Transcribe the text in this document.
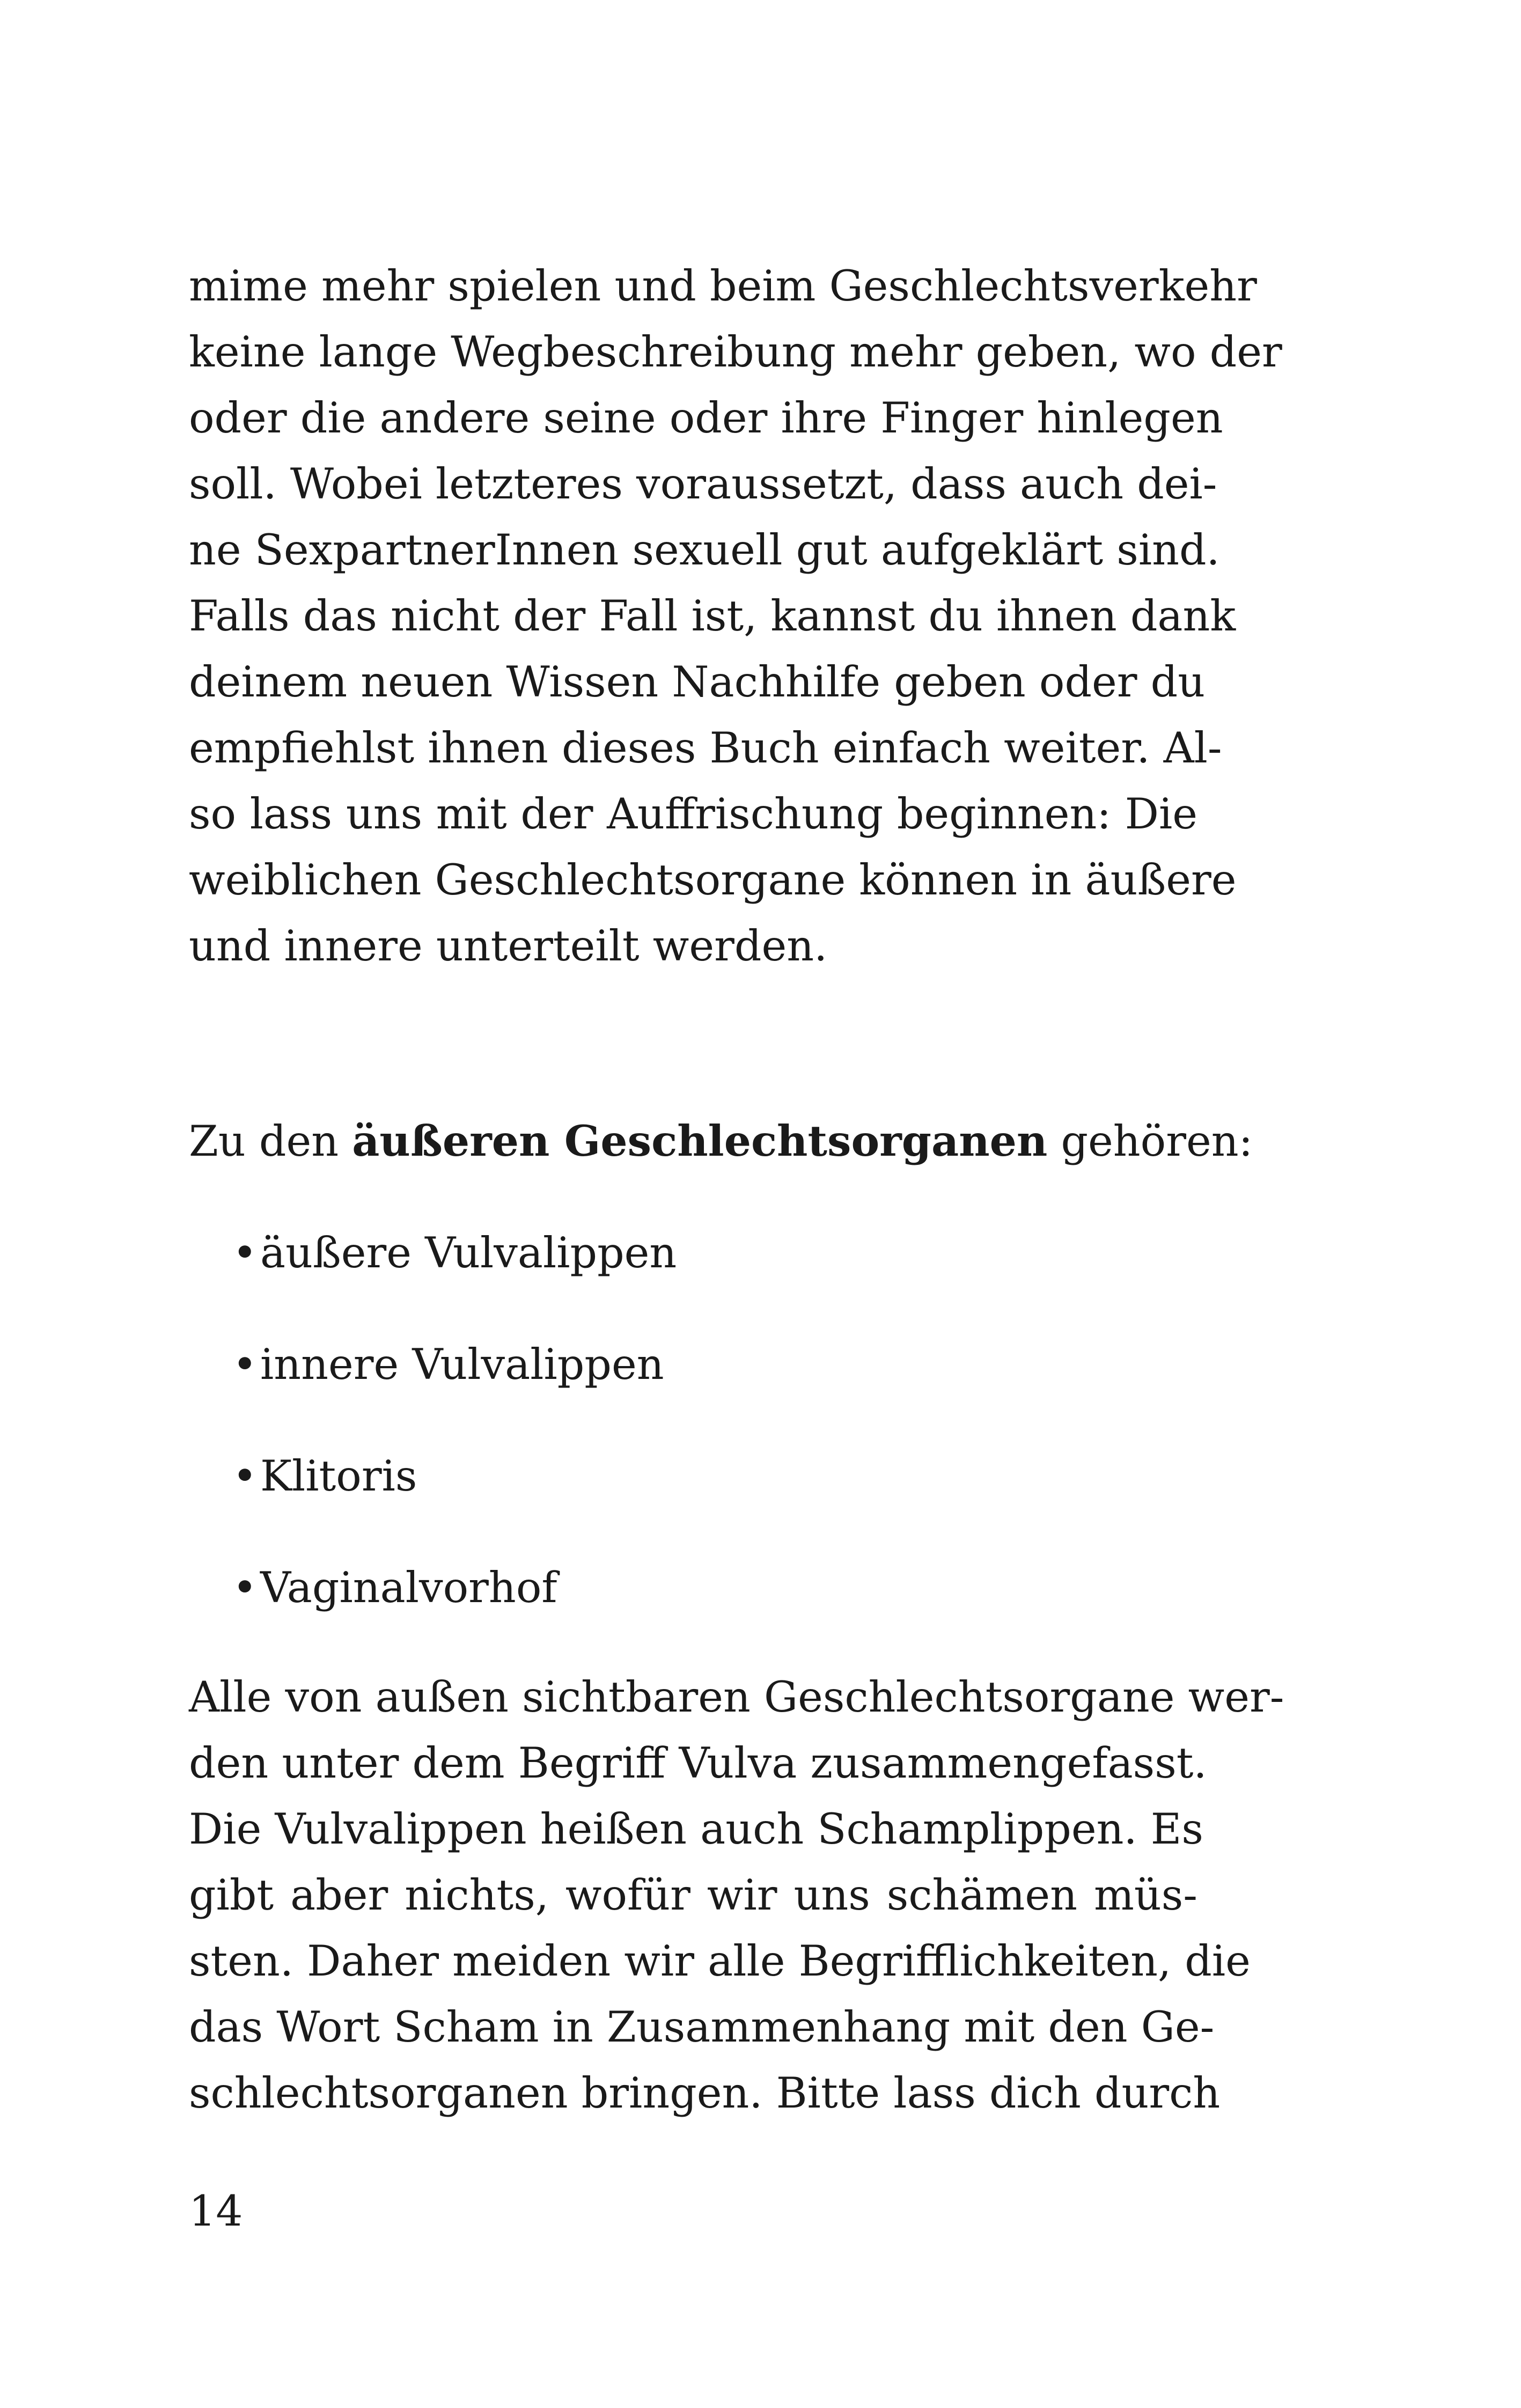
mime mehr spielen und beim Geschlechtsverkehr
keine lange Wegbeschreibung mehr geben, wo der
oder die andere seine oder ihre Finger hinlegen
soll. Wobei letzteres voraussetzt, dass auch dei-
ne SexpartnerInnen sexuell gut aufgeklärt sind.
Falls das nicht der Fall ist, kannst du ihnen dank
deinem neuen Wissen Nachhilfe geben oder du
empfiehlst ihnen dieses Buch einfach weiter. Al-
so lass uns mit der Auffrischung beginnen: Die
weiblichen Geschlechtsorgane können in äußere
und innere unterteilt werden.
Zu den äußeren Geschlechtsorganen gehören:
• äußere Vulvalippen
• innere Vulvalippen
• Klitoris
• Vaginalvorhof
Alle von außen sichtbaren Geschlechtsorgane wer-
den unter dem Begriff Vulva zusammengefasst.
Die Vulvalippen heißen auch Schamplippen. Es
gibt aber nichts, wofür wir uns schämen müs-
sten. Daher meiden wir alle Begrifflichkeiten, die
das Wort Scham in Zusammenhang mit den Ge-
schlechtsorganen bringen. Bitte lass dich durch
14
